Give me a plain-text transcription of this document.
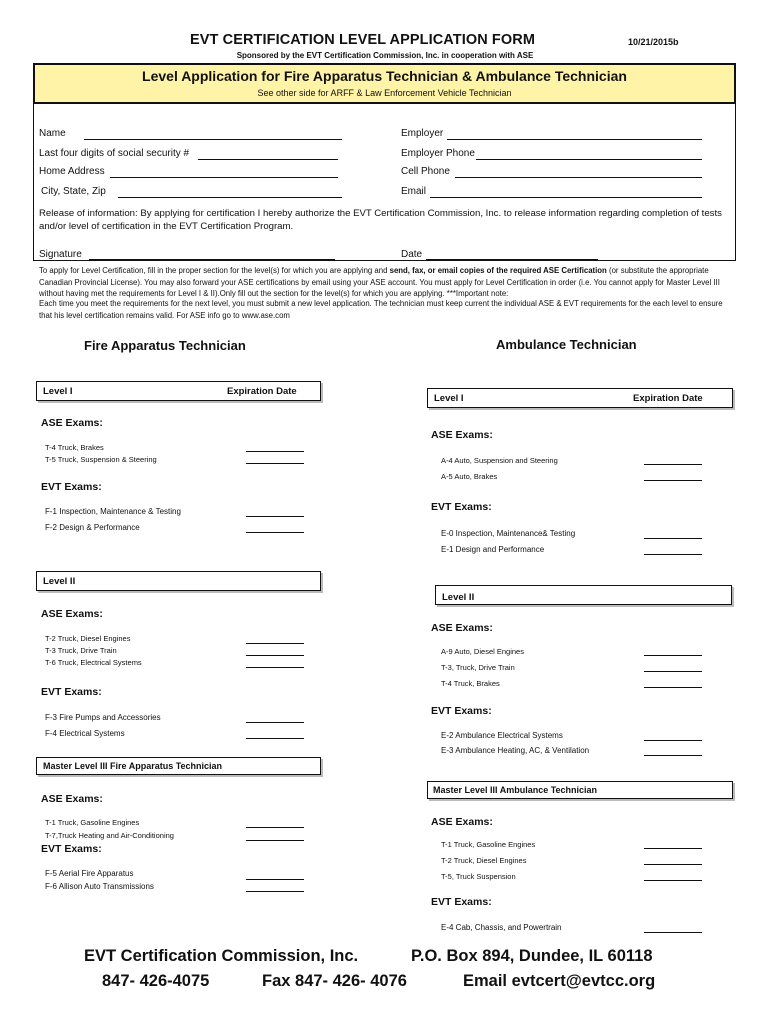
EVT CERTIFICATION LEVEL APPLICATION FORM	10/21/2015b
Sponsored by the EVT Certification Commission, Inc. in cooperation with ASE
Level Application for Fire Apparatus Technician & Ambulance Technician
See other side for ARFF & Law Enforcement Vehicle Technician
Name	Employer
Last four digits of social security #	Employer Phone
Home Address	Cell Phone
City, State, Zip	Email
Release of information: By applying for certification I hereby authorize the EVT Certification Commission, Inc. to release information regarding completion of tests and/or level of certification in the EVT Certification Program.
Signature	Date
To apply for Level Certification, fill in the proper section for the level(s) for which you are applying and send, fax, or email copies of the required ASE Certification (or substitute the appropriate Canadian Provincial License). You may also forward your ASE certifications by email using your ASE account. You must apply for Level Certification in order (i.e. You cannot apply for Master Level III without having met the requirements for Level I & II).Only fill out the section for the level(s) for which you are applying. ***Important note:
Each time you meet the requirements for the next level, you must submit a new level application. The technician must keep current the individual ASE & EVT requirements for the each level to ensure that his level certification remains valid. For ASE info go to www.ase.com
Fire Apparatus Technician
Level I	Expiration Date
ASE Exams:
T-4 Truck, Brakes
T-5 Truck, Suspension & Steering
EVT Exams:
F-1 Inspection, Maintenance & Testing
F-2 Design & Performance
Level II
ASE Exams:
T-2 Truck, Diesel Engines
T-3 Truck, Drive Train
T-6 Truck, Electrical Systems
EVT Exams:
F-3 Fire Pumps and Accessories
F-4 Electrical Systems
Master Level III Fire Apparatus Technician
ASE Exams:
T-1 Truck, Gasoline Engines
T-7,Truck Heating and Air-Conditioning
EVT Exams:
F-5 Aerial Fire Apparatus
F-6 Allison Auto Transmissions
Ambulance Technician
Level I	Expiration Date
ASE Exams:
A-4 Auto, Suspension and Steering
A-5 Auto, Brakes
EVT Exams:
E-0 Inspection, Maintenance& Testing
E-1 Design and Performance
Level II
ASE Exams:
A-9 Auto, Diesel Engines
T-3, Truck, Drive Train
T-4 Truck, Brakes
EVT Exams:
E-2 Ambulance Electrical Systems
E-3 Ambulance Heating, AC, & Ventilation
Master Level III Ambulance Technician
ASE Exams:
T-1 Truck, Gasoline Engines
T-2 Truck, Diesel Engines
T-5, Truck Suspension
EVT Exams:
E-4 Cab, Chassis, and Powertrain
EVT Certification Commission, Inc.	P.O. Box 894, Dundee, IL 60118
847- 426-4075	Fax 847- 426- 4076	Email evtcert@evtcc.org
